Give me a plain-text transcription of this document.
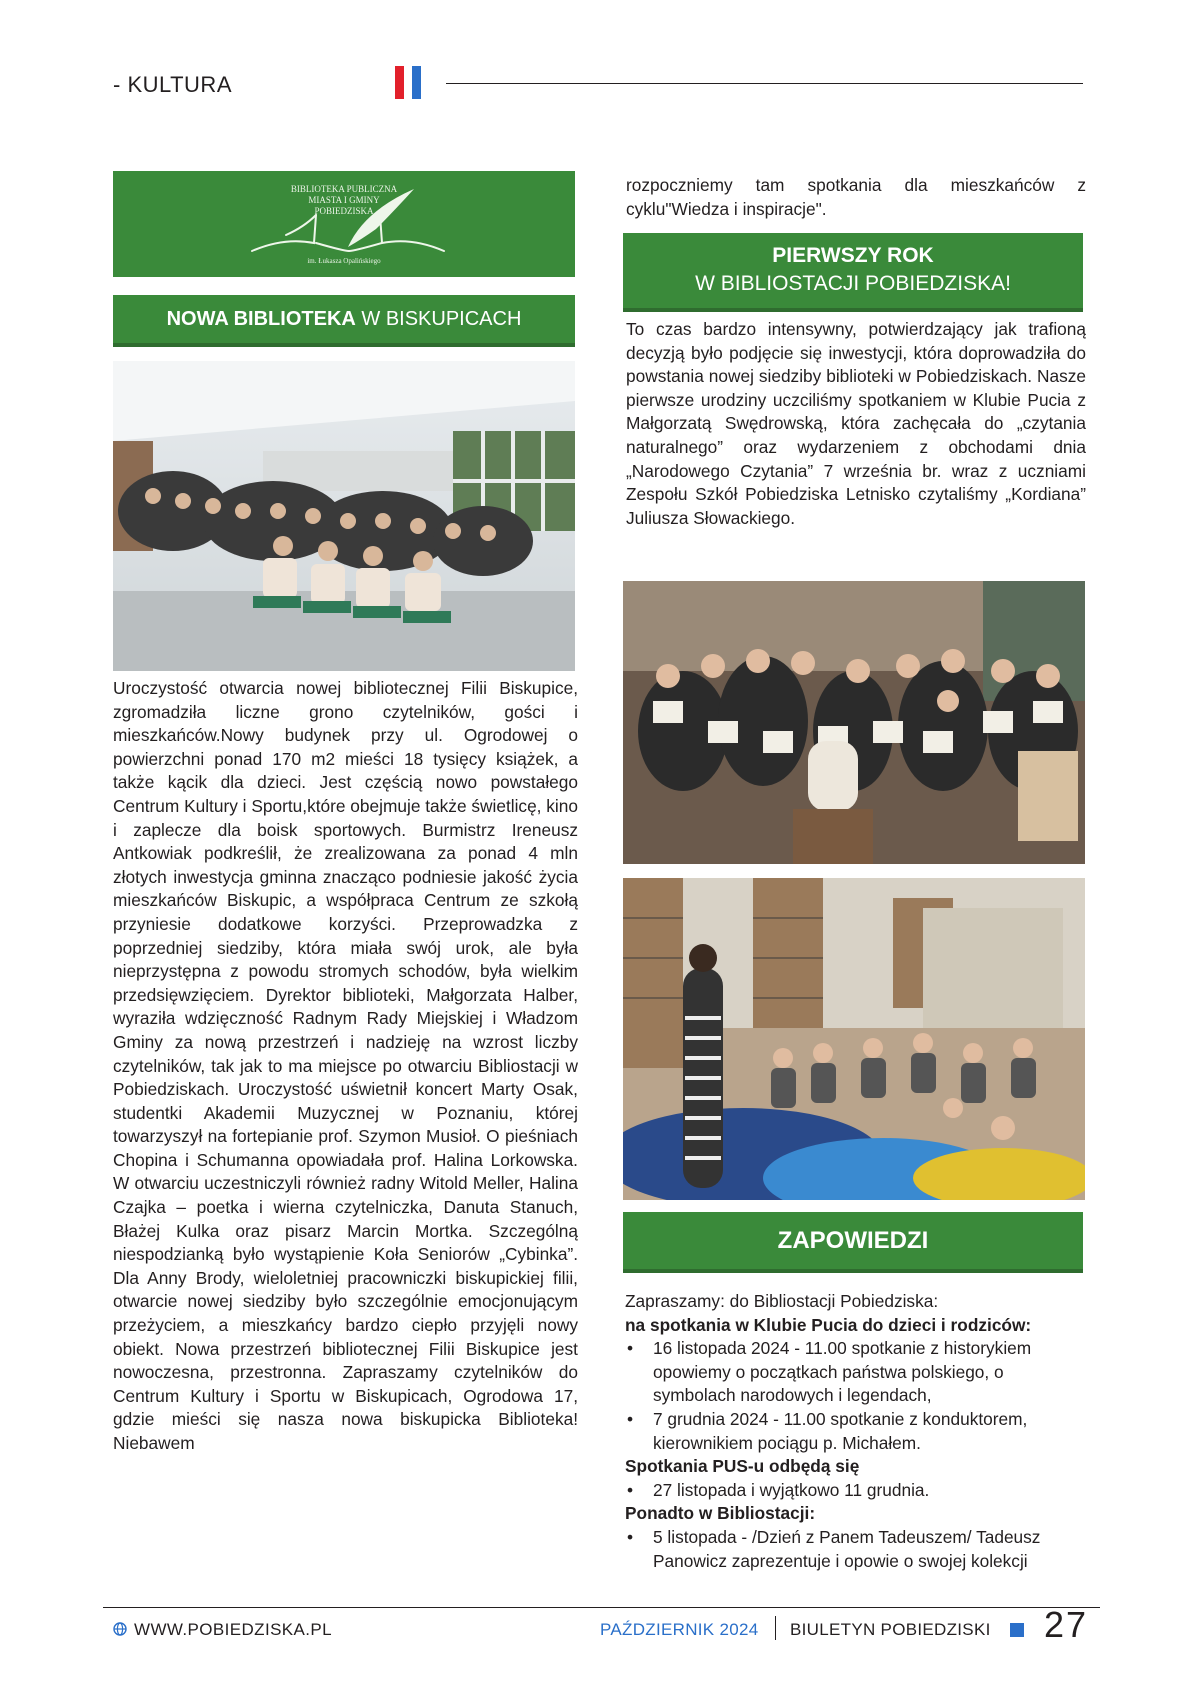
- KULTURA
BIBLIOTEKA PUBLICZNA
MIASTA I GMINY
POBIEDZISKA
im. Łukasza Opalińskiego
NOWA BIBLIOTEKA W BISKUPICACH

Uroczystość otwarcia nowej bibliotecznej Filii Biskupice, zgromadziła liczne grono czytelników, gości i mieszkańców.Nowy budynek przy ul. Ogrodowej o powierzchni ponad 170 m2 mieści 18 tysięcy książek, a także kącik dla dzieci. Jest częścią nowo powstałego Centrum Kultury i Sportu,które obejmuje także świetlicę, kino i zaplecze dla boisk sportowych. Burmistrz Ireneusz Antkowiak podkreślił, że zrealizowana za ponad 4 mln złotych inwestycja gminna znacząco podniesie jakość życia mieszkańców Biskupic, a współpraca Centrum ze szkołą przyniesie dodatkowe korzyści. Przeprowadzka z poprzedniej siedziby, która miała swój urok, ale była nieprzystępna z powodu stromych schodów, była wielkim przedsięwzięciem. Dyrektor biblioteki, Małgorzata Halber, wyraziła wdzięczność Radnym Rady Miejskiej i Władzom Gminy za nową przestrzeń i nadzieję na wzrost liczby czytelników, tak jak to ma miejsce po otwarciu Bibliostacji w Pobiedziskach. Uroczystość uświetnił koncert Marty Osak, studentki Akademii Muzycznej w Poznaniu, której towarzyszył na fortepianie prof. Szymon Musioł. O pieśniach Chopina i Schumanna opowiadała prof. Halina Lorkowska. W otwarciu uczestniczyli również radny Witold Meller, Halina Czajka – poetka i wierna czytelniczka, Danuta Stanuch, Błażej Kulka oraz pisarz Marcin Mortka. Szczególną niespodzianką było wystąpienie Koła Seniorów „Cybinka”. Dla Anny Brody, wieloletniej pracowniczki biskupickiej filii, otwarcie nowej siedziby było szczególnie emocjonującym przeżyciem, a mieszkańcy bardzo ciepło przyjęli nowy obiekt. Nowa przestrzeń bibliotecznej Filii Biskupice jest nowoczesna, przestronna. Zapraszamy czytelników do Centrum Kultury i Sportu w Biskupicach, Ogrodowa 17, gdzie mieści się nasza nowa biskupicka Biblioteka! Niebawem

rozpoczniemy tam spotkania dla mieszkańców z cyklu"Wiedza i inspiracje".
PIERWSZY ROK
W BIBLIOSTACJI POBIEDZISKA!
To czas bardzo intensywny, potwierdzający jak trafioną decyzją było podjęcie się inwestycji, która doprowadziła do powstania nowej siedziby biblioteki w Pobiedziskach. Nasze pierwsze urodziny uczciliśmy spotkaniem w Klubie Pucia z Małgorzatą Swędrowską, która zachęcała do „czytania naturalnego” oraz wydarzeniem z obchodami dnia „Narodowego Czytania” 7 września br. wraz z uczniami Zespołu Szkół Pobiedziska Letnisko czytaliśmy „Kordiana” Juliusza Słowackiego.
ZAPOWIEDZI
Zapraszamy: do Bibliostacji Pobiedziska:
na spotkania w Klubie Pucia do dzieci i rodziców:
• 16 listopada 2024 - 11.00 spotkanie z historykiem opowiemy o początkach państwa polskiego, o symbolach narodowych i legendach,
• 7 grudnia 2024 - 11.00 spotkanie z konduktorem, kierownikiem pociągu p. Michałem.
Spotkania PUS-u odbędą się
• 27 listopada i wyjątkowo 11 grudnia.
Ponadto w Bibliostacji:
• 5 listopada - /Dzień z Panem Tadeuszem/ Tadeusz Panowicz zaprezentuje i opowie o swojej kolekcji
WWW.POBIEDZISKA.PL	PAŹDZIERNIK 2024 BIULETYN POBIEDZISKI 27
